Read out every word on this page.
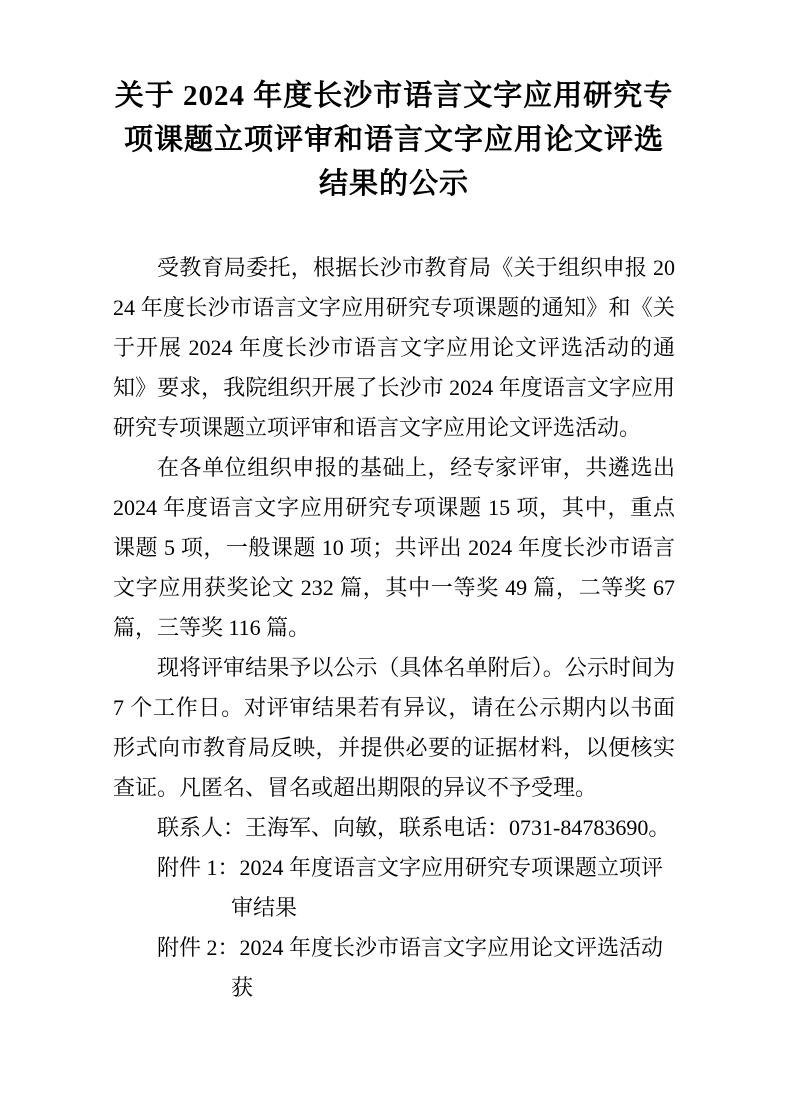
关于 2024 年度长沙市语言文字应用研究专
项课题立项评审和语言文字应用论文评选
结果的公示

受教育局委托，根据长沙市教育局《关于组织申报 2024 年度长沙市语言文字应用研究专项课题的通知》和《关于开展 2024 年度长沙市语言文字应用论文评选活动的通知》要求，我院组织开展了长沙市 2024 年度语言文字应用研究专项课题立项评审和语言文字应用论文评选活动。

在各单位组织申报的基础上，经专家评审，共遴选出 2024 年度语言文字应用研究专项课题 15 项，其中，重点课题 5 项，一般课题 10 项；共评出 2024 年度长沙市语言文字应用获奖论文 232 篇，其中一等奖 49 篇，二等奖 67 篇，三等奖 116 篇。

现将评审结果予以公示（具体名单附后）。公示时间为 7 个工作日。对评审结果若有异议，请在公示期内以书面形式向市教育局反映，并提供必要的证据材料，以便核实查证。凡匿名、冒名或超出期限的异议不予受理。

联系人：王海军、向敏，联系电话：0731-84783690。

附件 1：2024 年度语言文字应用研究专项课题立项评审结果

附件 2：2024 年度长沙市语言文字应用论文评选活动获
